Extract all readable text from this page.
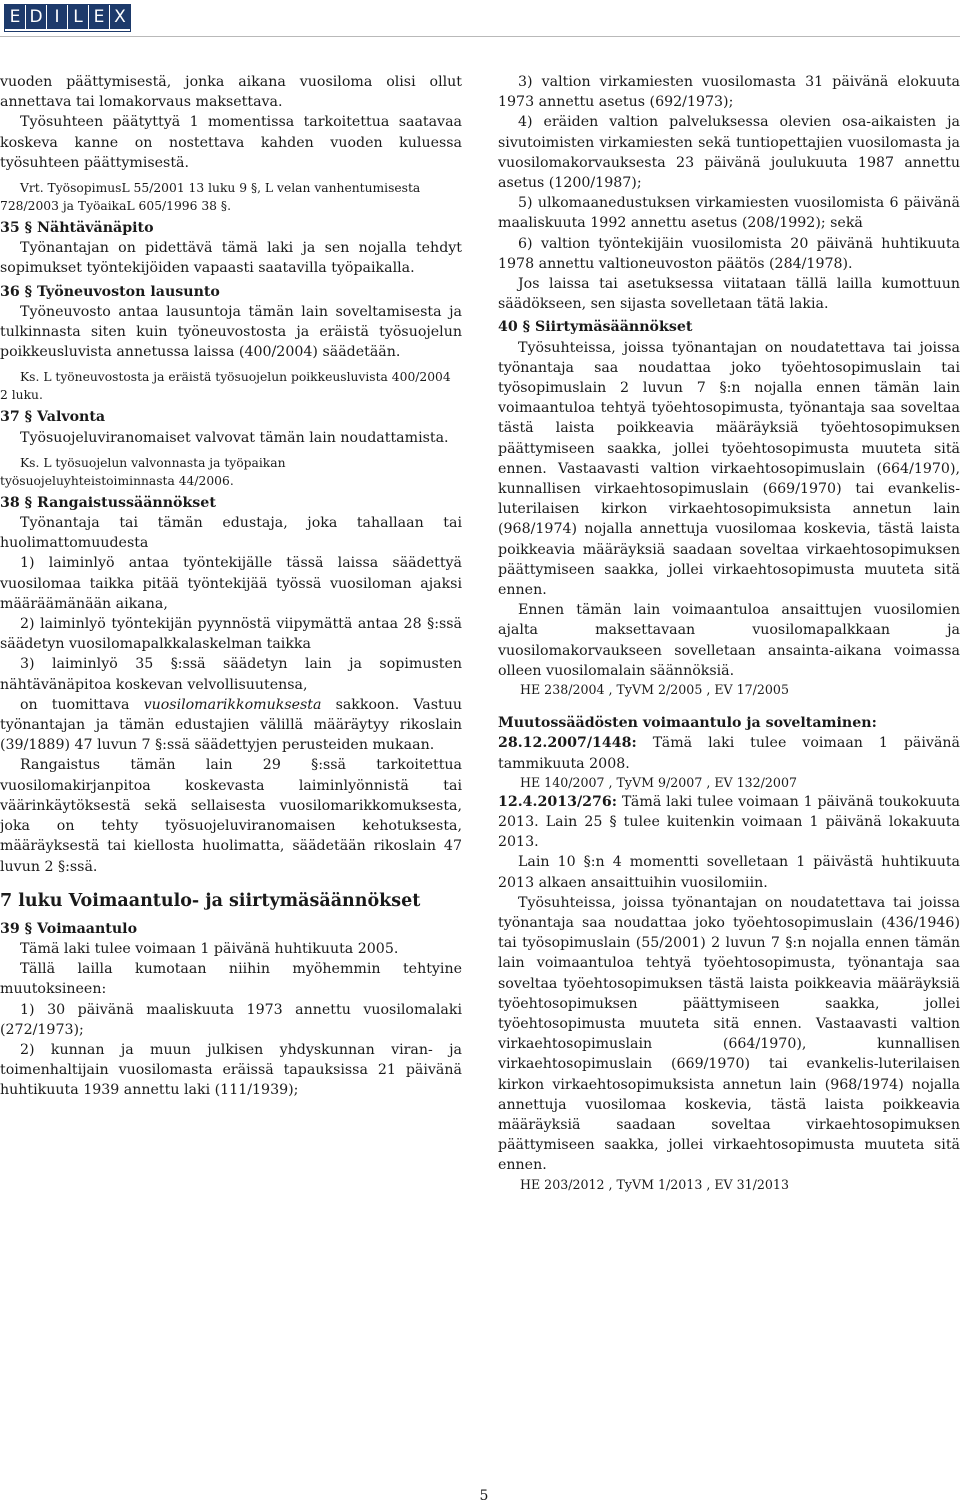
E D I L E X

vuoden päättymisestä, jonka aikana vuosiloma olisi ollut annettava tai lomakorvaus maksettava.

Työsuhteen päätyttyä 1 momentissa tarkoitettua saatavaa koskeva kanne on nostettava kahden vuoden kuluessa työsuhteen päättymisestä.

Vrt. TyösopimusL 55/2001 13 luku 9 §, L velan vanhentumisesta 728/2003 ja TyöaikaL 605/1996 38 §.

35 § Nähtävänäpito

Työnantajan on pidettävä tämä laki ja sen nojalla tehdyt sopimukset työntekijöiden vapaasti saatavilla työpaikalla.

36 § Työneuvoston lausunto

Työneuvosto antaa lausuntoja tämän lain soveltamisesta ja tulkinnasta siten kuin työneuvostosta ja eräistä työsuojelun poikkeusluvista annetussa laissa (400/2004) säädetään.

Ks. L työneuvostosta ja eräistä työsuojelun poikkeusluvista 400/2004 2 luku.

37 § Valvonta

Työsuojeluviranomaiset valvovat tämän lain noudattamista.

Ks. L työsuojelun valvonnasta ja työpaikan työsuojeluyhteistoiminnasta 44/2006.

38 § Rangaistussäännökset

Työnantaja tai tämän edustaja, joka tahallaan tai huolimattomuudesta

1) laiminlyö antaa työntekijälle tässä laissa säädettyä vuosilomaa taikka pitää työntekijää työssä vuosiloman ajaksi määräämänään aikana,

2) laiminlyö työntekijän pyynnöstä viipymättä antaa 28 §:ssä säädetyn vuosilomapalkkalaskelman taikka

3) laiminlyö 35 §:ssä säädetyn lain ja sopimusten nähtävänäpitoa koskevan velvollisuutensa,

on tuomittava vuosilomarikkomuksesta sakkoon. Vastuu työnantajan ja tämän edustajien välillä määräytyy rikoslain (39/1889) 47 luvun 7 §:ssä säädettyjen perusteiden mukaan.

Rangaistus tämän lain 29 §:ssä tarkoitettua vuosilomakirjanpitoa koskevasta laiminlyönnistä tai väärinkäytöksestä sekä sellaisesta vuosilomarikkomuksesta, joka on tehty työsuojeluviranomaisen kehotuksesta, määräyksestä tai kiellosta huolimatta, säädetään rikoslain 47 luvun 2 §:ssä.

7 luku Voimaantulo- ja siirtymäsäännökset

39 § Voimaantulo

Tämä laki tulee voimaan 1 päivänä huhtikuuta 2005.

Tällä lailla kumotaan niihin myöhemmin tehtyine muutoksineen:

1) 30 päivänä maaliskuuta 1973 annettu vuosilomalaki (272/1973);

2) kunnan ja muun julkisen yhdyskunnan viran- ja toimenhaltijain vuosilomasta eräissä tapauksissa 21 päivänä huhtikuuta 1939 annettu laki (111/1939);

3) valtion virkamiesten vuosilomasta 31 päivänä elokuuta 1973 annettu asetus (692/1973);

4) eräiden valtion palveluksessa olevien osa-aikaisten ja sivutoimisten virkamiesten sekä tuntiopettajien vuosilomasta ja vuosilomakorvauksesta 23 päivänä joulukuuta 1987 annettu asetus (1200/1987);

5) ulkomaanedustuksen virkamiesten vuosilomista 6 päivänä maaliskuuta 1992 annettu asetus (208/1992); sekä

6) valtion työntekijäin vuosilomista 20 päivänä huhtikuuta 1978 annettu valtioneuvoston päätös (284/1978).

Jos laissa tai asetuksessa viitataan tällä lailla kumottuun säädökseen, sen sijasta sovelletaan tätä lakia.

40 § Siirtymäsäännökset

Työsuhteissa, joissa työnantajan on noudatettava tai joissa työnantaja saa noudattaa joko työehtosopimuslain tai työsopimuslain 2 luvun 7 §:n nojalla ennen tämän lain voimaantuloa tehtyä työehtosopimusta, työnantaja saa soveltaa tästä laista poikkeavia määräyksiä työehtosopimuksen päättymiseen saakka, jollei työehtosopimusta muuteta sitä ennen. Vastaavasti valtion virkaehtosopimuslain (664/1970), kunnallisen virkaehtosopimuslain (669/1970) tai evankelis-luterilaisen kirkon virkaehtosopimuksista annetun lain (968/1974) nojalla annettuja vuosilomaa koskevia, tästä laista poikkeavia määräyksiä saadaan soveltaa virkaehtosopimuksen päättymiseen saakka, jollei virkaehtosopimusta muuteta sitä ennen.

Ennen tämän lain voimaantuloa ansaittujen vuosilomien ajalta maksettavaan vuosilomapalkkaan ja vuosilomakorvaukseen sovelletaan ansainta-aikana voimassa olleen vuosilomalain säännöksiä.

HE 238/2004 , TyVM 2/2005 , EV 17/2005

Muutossäädösten voimaantulo ja soveltaminen:

28.12.2007/1448: Tämä laki tulee voimaan 1 päivänä tammikuuta 2008.

HE 140/2007 , TyVM 9/2007 , EV 132/2007

12.4.2013/276: Tämä laki tulee voimaan 1 päivänä toukokuuta 2013. Lain 25 § tulee kuitenkin voimaan 1 päivänä lokakuuta 2013.

Lain 10 §:n 4 momentti sovelletaan 1 päivästä huhtikuuta 2013 alkaen ansaittuihin vuosilomiin.

Työsuhteissa, joissa työnantajan on noudatettava tai joissa työnantaja saa noudattaa joko työehtosopimuslain (436/1946) tai työsopimuslain (55/2001) 2 luvun 7 §:n nojalla ennen tämän lain voimaantuloa tehtyä työehtosopimusta, työnantaja saa soveltaa työehtosopimuksen tästä laista poikkeavia määräyksiä työehtosopimuksen päättymiseen saakka, jollei työehtosopimusta muuteta sitä ennen. Vastaavasti valtion virkaehtosopimuslain (664/1970), kunnallisen virkaehtosopimuslain (669/1970) tai evankelis-luterilaisen kirkon virkaehtosopimuksista annetun lain (968/1974) nojalla annettuja vuosilomaa koskevia, tästä laista poikkeavia määräyksiä saadaan soveltaa virkaehtosopimuksen päättymiseen saakka, jollei virkaehtosopimusta muuteta sitä ennen.

HE 203/2012 , TyVM 1/2013 , EV 31/2013

5
